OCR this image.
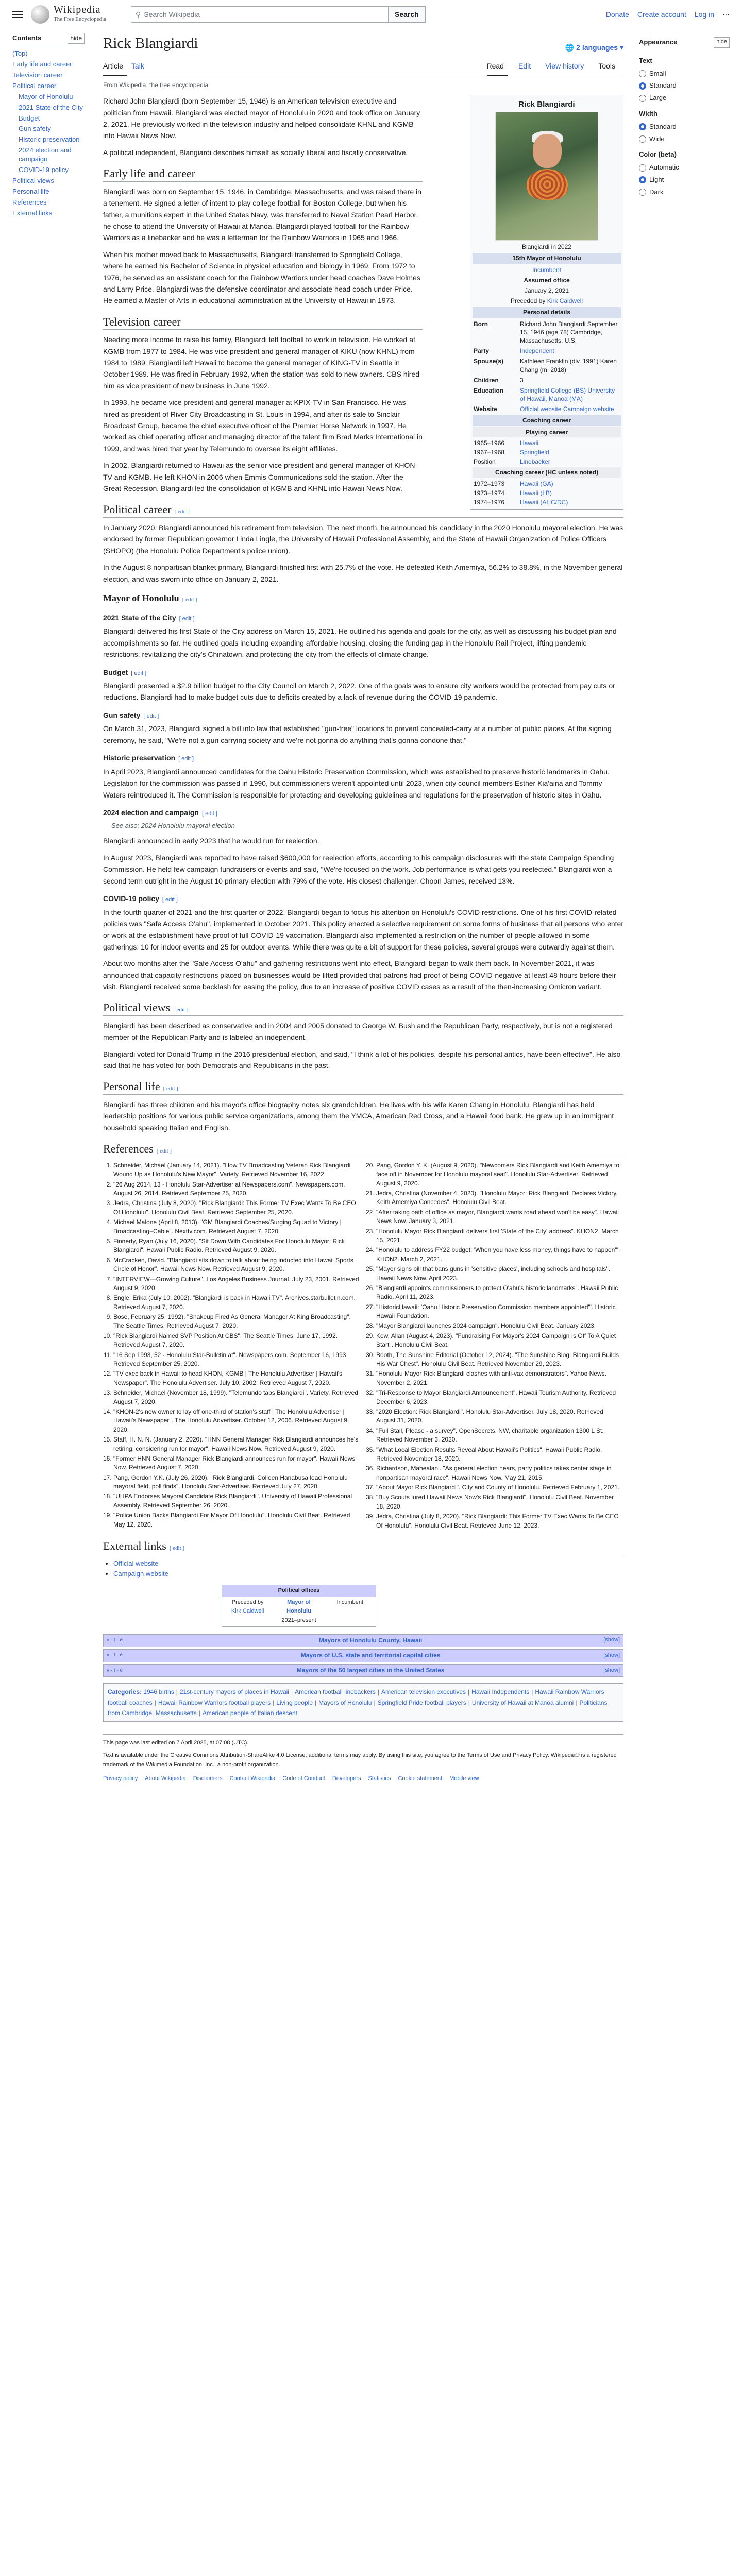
Wikipedia
The Free Encyclopedia
⚲ Search Wikipedia	Search	Donate Create account Log in ⋯
Contents	hide
(Top)
Early life and career
Television career
Political career
Mayor of Honolulu
2021 State of the City
Budget
Gun safety
Historic preservation
2024 election and campaign
COVID-19 policy
Political views
Personal life
References
External links
Rick Blangiardi	🌐 2 languages ▾
Article	Talk	Read	Edit	View history	Tools
From Wikipedia, the free encyclopedia
Rick Blangiardi
Blangiardi in 2022
15th Mayor of Honolulu
Incumbent
Assumed office
January 2, 2021
Preceded by Kirk Caldwell
Personal details
Born	Richard John Blangiardi September 15, 1946 (age 78) Cambridge, Massachusetts, U.S.
Party	Independent
Spouse(s)	Kathleen Franklin (div. 1991) Karen Chang (m. 2018)
Children	3
Education	Springfield College (BS) University of Hawaii, Manoa (MA)
Website	Official website Campaign website
Coaching career
Playing career
1965–1966	Hawaii
1967–1968	Springfield
Position	Linebacker
Coaching career (HC unless noted)
1972–1973	Hawaii (GA)
1973–1974	Hawaii (LB)
1974–1976	Hawaii (AHC/DC)

Richard John Blangiardi (born September 15, 1946) is an American television executive and politician from Hawaii. Blangiardi was elected mayor of Honolulu in 2020 and took office on January 2, 2021. He previously worked in the television industry and helped consolidate KHNL and KGMB into Hawaii News Now.

A political independent, Blangiardi describes himself as socially liberal and fiscally conservative.

Early life and career

Blangiardi was born on September 15, 1946, in Cambridge, Massachusetts, and was raised there in a tenement. He signed a letter of intent to play college football for Boston College, but when his father, a munitions expert in the United States Navy, was transferred to Naval Station Pearl Harbor, he chose to attend the University of Hawaii at Manoa. Blangiardi played football for the Rainbow Warriors as a linebacker and he was a letterman for the Rainbow Warriors in 1965 and 1966.

When his mother moved back to Massachusetts, Blangiardi transferred to Springfield College, where he earned his Bachelor of Science in physical education and biology in 1969. From 1972 to 1976, he served as an assistant coach for the Rainbow Warriors under head coaches Dave Holmes and Larry Price. Blangiardi was the defensive coordinator and associate head coach under Price. He earned a Master of Arts in educational administration at the University of Hawaii in 1973.

Television career

Needing more income to raise his family, Blangiardi left football to work in television. He worked at KGMB from 1977 to 1984. He was vice president and general manager of KIKU (now KHNL) from 1984 to 1989. Blangiardi left Hawaii to become the general manager of KING-TV in Seattle in October 1989. He was fired in February 1992, when the station was sold to new owners. CBS hired him as vice president of new business in June 1992.

In 1993, he became vice president and general manager at KPIX-TV in San Francisco. He was hired as president of River City Broadcasting in St. Louis in 1994, and after its sale to Sinclair Broadcast Group, became the chief executive officer of the Premier Horse Network in 1997. He worked as chief operating officer and managing director of the talent firm Brad Marks International in 1999, and was hired that year by Telemundo to oversee its eight affiliates.

In 2002, Blangiardi returned to Hawaii as the senior vice president and general manager of KHON-TV and KGMB. He left KHON in 2006 when Emmis Communications sold the station. After the Great Recession, Blangiardi led the consolidation of KGMB and KHNL into Hawaii News Now.

Political career [ edit ]

In January 2020, Blangiardi announced his retirement from television. The next month, he announced his candidacy in the 2020 Honolulu mayoral election. He was endorsed by former Republican governor Linda Lingle, the University of Hawaii Professional Assembly, and the State of Hawaii Organization of Police Officers (SHOPO) (the Honolulu Police Department's police union).

In the August 8 nonpartisan blanket primary, Blangiardi finished first with 25.7% of the vote. He defeated Keith Amemiya, 56.2% to 38.8%, in the November general election, and was sworn into office on January 2, 2021.

Mayor of Honolulu [ edit ]
2021 State of the City [ edit ]

Blangiardi delivered his first State of the City address on March 15, 2021. He outlined his agenda and goals for the city, as well as discussing his budget plan and accomplishments so far. He outlined goals including expanding affordable housing, closing the funding gap in the Honolulu Rail Project, lifting pandemic restrictions, revitalizing the city's Chinatown, and protecting the city from the effects of climate change.

Budget [ edit ]

Blangiardi presented a $2.9 billion budget to the City Council on March 2, 2022. One of the goals was to ensure city workers would be protected from pay cuts or reductions. Blangiardi had to make budget cuts due to deficits created by a lack of revenue during the COVID-19 pandemic.

Gun safety [ edit ]

On March 31, 2023, Blangiardi signed a bill into law that established "gun-free" locations to prevent concealed-carry at a number of public places. At the signing ceremony, he said, "We're not a gun carrying society and we're not gonna do anything that's gonna condone that."

Historic preservation [ edit ]

In April 2023, Blangiardi announced candidates for the Oahu Historic Preservation Commission, which was established to preserve historic landmarks in Oahu. Legislation for the commission was passed in 1990, but commissioners weren't appointed until 2023, when city council members Esther Kia'aina and Tommy Waters reintroduced it. The Commission is responsible for protecting and developing guidelines and regulations for the preservation of historic sites in Oahu.

2024 election and campaign [ edit ]
See also: 2024 Honolulu mayoral election

Blangiardi announced in early 2023 that he would run for reelection.

In August 2023, Blangiardi was reported to have raised $600,000 for reelection efforts, according to his campaign disclosures with the state Campaign Spending Commission. He held few campaign fundraisers or events and said, "We're focused on the work. Job performance is what gets you reelected." Blangiardi won a second term outright in the August 10 primary election with 79% of the vote. His closest challenger, Choon James, received 13%.

COVID-19 policy [ edit ]

In the fourth quarter of 2021 and the first quarter of 2022, Blangiardi began to focus his attention on Honolulu's COVID restrictions. One of his first COVID-related policies was "Safe Access O'ahu", implemented in October 2021. This policy enacted a selective requirement on some forms of business that all persons who enter or work at the establishment have proof of full COVID-19 vaccination. Blangiardi also implemented a restriction on the number of people allowed in some gatherings: 10 for indoor events and 25 for outdoor events. While there was quite a bit of support for these policies, several groups were outwardly against them.

About two months after the "Safe Access O'ahu" and gathering restrictions went into effect, Blangiardi began to walk them back. In November 2021, it was announced that capacity restrictions placed on businesses would be lifted provided that patrons had proof of being COVID-negative at least 48 hours before their visit. Blangiardi received some backlash for easing the policy, due to an increase of positive COVID cases as a result of the then-increasing Omicron variant.

Political views [ edit ]

Blangiardi has been described as conservative and in 2004 and 2005 donated to George W. Bush and the Republican Party, respectively, but is not a registered member of the Republican Party and is labeled an independent.

Blangiardi voted for Donald Trump in the 2016 presidential election, and said, "I think a lot of his policies, despite his personal antics, have been effective". He also said that he has voted for both Democrats and Republicans in the past.

Personal life [ edit ]

Blangiardi has three children and his mayor's office biography notes six grandchildren. He lives with his wife Karen Chang in Honolulu. Blangiardi has held leadership positions for various public service organizations, among them the YMCA, American Red Cross, and a Hawaii food bank. He grew up in an immigrant household speaking Italian and English.

References [ edit ]
1. Schneider, Michael (January 14, 2021). "How TV Broadcasting Veteran Rick Blangiardi Wound Up as Honolulu's New Mayor". Variety. Retrieved November 16, 2022.
2. "26 Aug 2014, 13 - Honolulu Star-Advertiser at Newspapers.com". Newspapers.com. August 26, 2014. Retrieved September 25, 2020.
3. Jedra, Christina (July 8, 2020). "Rick Blangiardi: This Former TV Exec Wants To Be CEO Of Honolulu". Honolulu Civil Beat. Retrieved September 25, 2020.
4. Michael Malone (April 8, 2013). "GM Blangiardi Coaches/Surging Squad to Victory | Broadcasting+Cable". Nexttv.com. Retrieved August 7, 2020.
5. Finnerty, Ryan (July 16, 2020). "Sit Down With Candidates For Honolulu Mayor: Rick Blangiardi". Hawaii Public Radio. Retrieved August 9, 2020.
6. McCracken, David. "Blangiardi sits down to talk about being inducted into Hawaii Sports Circle of Honor". Hawaii News Now. Retrieved August 9, 2020.
7. "INTERVIEW—Growing Culture". Los Angeles Business Journal. July 23, 2001. Retrieved August 9, 2020.
8. Engle, Erika (July 10, 2002). "Blangiardi is back in Hawaii TV". Archives.starbulletin.com. Retrieved August 7, 2020.
9. Bose, February 25, 1992). "Shakeup Fired As General Manager At King Broadcasting". The Seattle Times. Retrieved August 7, 2020.
10. "Rick Blangiardi Named SVP Position At CBS". The Seattle Times. June 17, 1992. Retrieved August 7, 2020.
11. "16 Sep 1993, 52 - Honolulu Star-Bulletin at". Newspapers.com. September 16, 1993. Retrieved September 25, 2020.
12. "TV exec back in Hawaii to head KHON, KGMB | The Honolulu Advertiser | Hawaii's Newspaper". The Honolulu Advertiser. July 10, 2002. Retrieved August 7, 2020.
13. Schneider, Michael (November 18, 1999). "Telemundo taps Blangiardi". Variety. Retrieved August 7, 2020.
14. "KHON-2's new owner to lay off one-third of station's staff | The Honolulu Advertiser | Hawaii's Newspaper". The Honolulu Advertiser. October 12, 2006. Retrieved August 9, 2020.
15. Staff, H. N. N. (January 2, 2020). "HNN General Manager Rick Blangiardi announces he's retiring, considering run for mayor". Hawaii News Now. Retrieved August 9, 2020.
16. "Former HNN General Manager Rick Blangiardi announces run for mayor". Hawaii News Now. Retrieved August 7, 2020.
17. Pang, Gordon Y.K. (July 26, 2020). "Rick Blangiardi, Colleen Hanabusa lead Honolulu mayoral field, poll finds". Honolulu Star-Advertiser. Retrieved July 27, 2020.
18. "UHPA Endorses Mayoral Candidate Rick Blangiardi". University of Hawaii Professional Assembly. Retrieved September 26, 2020.
19. "Police Union Backs Blangiardi For Mayor Of Honolulu". Honolulu Civil Beat. Retrieved May 12, 2020.
20. Pang, Gordon Y. K. (August 9, 2020). "Newcomers Rick Blangiardi and Keith Amemiya to face off in November for Honolulu mayoral seat". Honolulu Star-Advertiser. Retrieved August 9, 2020.
21. Jedra, Christina (November 4, 2020). "Honolulu Mayor: Rick Blangiardi Declares Victory, Keith Amemiya Concedes". Honolulu Civil Beat.
22. "After taking oath of office as mayor, Blangiardi wants road ahead won't be easy". Hawaii News Now. January 3, 2021.
23. "Honolulu Mayor Rick Blangiardi delivers first 'State of the City' address". KHON2. March 15, 2021.
24. "Honolulu to address FY22 budget: 'When you have less money, things have to happen'". KHON2. March 2, 2021.
25. "Mayor signs bill that bans guns in 'sensitive places', including schools and hospitals". Hawaii News Now. April 2023.
26. "Blangiardi appoints commissioners to protect O'ahu's historic landmarks". Hawaii Public Radio. April 11, 2023.
27. "HistoricHawaii: 'Oahu Historic Preservation Commission members appointed'". Historic Hawaii Foundation.
28. "Mayor Blangiardi launches 2024 campaign". Honolulu Civil Beat. January 2023.
29. Kew, Allan (August 4, 2023). "Fundraising For Mayor's 2024 Campaign Is Off To A Quiet Start". Honolulu Civil Beat.
30. Booth, The Sunshine Editorial (October 12, 2024). "The Sunshine Blog: Blangiardi Builds His War Chest". Honolulu Civil Beat. Retrieved November 29, 2023.
31. "Honolulu Mayor Rick Blangiardi clashes with anti-vax demonstrators". Yahoo News. November 2, 2021.
32. "Tri-Response to Mayor Blangiardi Announcement". Hawaii Tourism Authority. Retrieved December 6, 2023.
33. "2020 Election: Rick Blangiardi". Honolulu Star-Advertiser. July 18, 2020. Retrieved August 31, 2020.
34. "Full Stall, Please - a survey". OpenSecrets. NW, charitable organization 1300 L St. Retrieved November 3, 2020.
35. "What Local Election Results Reveal About Hawaii's Politics". Hawaii Public Radio. Retrieved November 18, 2020.
36. Richardson, Mahealani. "As general election nears, party politics takes center stage in nonpartisan mayoral race". Hawaii News Now. May 21, 2015.
37. "About Mayor Rick Blangiardi". City and County of Honolulu. Retrieved February 1, 2021.
38. "Buy Scouts lured Hawaii News Now's Rick Blangiardi". Honolulu Civil Beat. November 18, 2020.
39. Jedra, Christina (July 8, 2020). "Rick Blangiardi: This Former TV Exec Wants To Be CEO Of Honolulu". Honolulu Civil Beat. Retrieved June 12, 2023.
External links [ edit ]
• Official website
• Campaign website
Political offices
Preceded by
Kirk Caldwell
Mayor of Honolulu
2021–present
Incumbent
v · t · e	Mayors of Honolulu County, Hawaii	[show]
v · t · e	Mayors of U.S. state and territorial capital cities	[show]
v · t · e	Mayors of the 50 largest cities in the United States	[show]
Categories: 1946 births | 21st-century mayors of places in Hawaii | American football linebackers | American television executives | Hawaii Independents | Hawaii Rainbow Warriors football coaches | Hawaii Rainbow Warriors football players | Living people | Mayors of Honolulu | Springfield Pride football players | University of Hawaii at Manoa alumni | Politicians from Cambridge, Massachusetts | American people of Italian descent
This page was last edited on 7 April 2025, at 07:08 (UTC).
Text is available under the Creative Commons Attribution-ShareAlike 4.0 License; additional terms may apply. By using this site, you agree to the Terms of Use and Privacy Policy. Wikipedia® is a registered trademark of the Wikimedia Foundation, Inc., a non-profit organization.
Privacy policy About Wikipedia Disclaimers Contact Wikipedia Code of Conduct Developers Statistics Cookie statement Mobile view
Appearance	hide
Text
Small
Standard
Large
Width
Standard
Wide
Color (beta)
Automatic
Light
Dark
